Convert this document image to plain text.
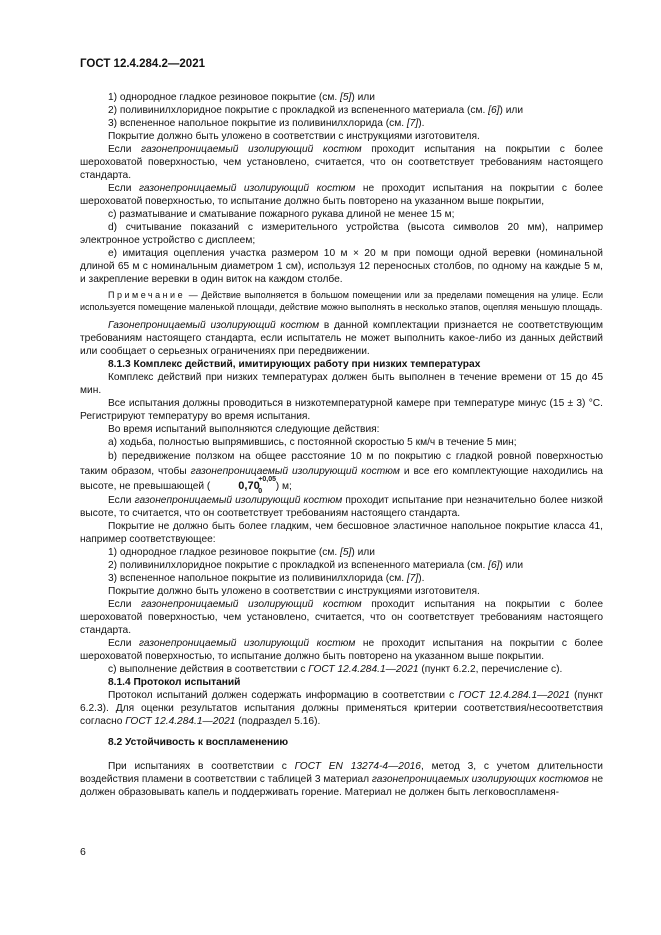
ГОСТ 12.4.284.2—2021

1) однородное гладкое резиновое покрытие (см. [5]) или

2) поливинилхлоридное покрытие с прокладкой из вспененного материала (см. [6]) или

3) вспененное напольное покрытие из поливинилхлорида (см. [7]).

Покрытие должно быть уложено в соответствии с инструкциями изготовителя.

Если газонепроницаемый изолирующий костюм проходит испытания на покрытии с более шероховатой поверхностью, чем установлено, считается, что он соответствует требованиям настоящего стандарта.

Если газонепроницаемый изолирующий костюм не проходит испытания на покрытии с более шероховатой поверхностью, то испытание должно быть повторено на указанном выше покрытии,

c) разматывание и сматывание пожарного рукава длиной не менее 15 м;

d) считывание показаний с измерительного устройства (высота символов 20 мм), например электронное устройство с дисплеем;

e) имитация оцепления участка размером 10 м × 20 м при помощи одной веревки (номинальной длиной 65 м с номинальным диаметром 1 см), используя 12 переносных столбов, по одному на каждые 5 м, и закрепление веревки в один виток на каждом столбе.

Примечание — Действие выполняется в большом помещении или за пределами помещения на улице. Если используется помещение маленькой площади, действие можно выполнять в несколько этапов, оцепляя меньшую площадь.

Газонепроницаемый изолирующий костюм в данной комплектации признается не соответствующим требованиям настоящего стандарта, если испытатель не может выполнить какое-либо из данных действий или сообщает о серьезных ограничениях при передвижении.

8.1.3 Комплекс действий, имитирующих работу при низких температурах

Комплекс действий при низких температурах должен быть выполнен в течение времени от 15 до 45 мин.

Все испытания должны проводиться в низкотемпературной камере при температуре минус (15 ± 3) °С. Регистрируют температуру во время испытания.

Во время испытаний выполняются следующие действия:

a) ходьба, полностью выпрямившись, с постоянной скоростью 5 км/ч в течение 5 мин;

b) передвижение ползком на общее расстояние 10 м по покрытию с гладкой ровной поверхностью таким образом, чтобы газонепроницаемый изолирующий костюм и все его комплектующие находились на высоте, не превышающей (	0,70
+0,05
0 ) м;

Если газонепроницаемый изолирующий костюм проходит испытание при незначительно более низкой высоте, то считается, что он соответствует требованиям настоящего стандарта.

Покрытие не должно быть более гладким, чем бесшовное эластичное напольное покрытие класса 41, например соответствующее:

1) однородное гладкое резиновое покрытие (см. [5]) или

2) поливинилхлоридное покрытие с прокладкой из вспененного материала (см. [6]) или

3) вспененное напольное покрытие из поливинилхлорида (см. [7]).

Покрытие должно быть уложено в соответствии с инструкциями изготовителя.

Если газонепроницаемый изолирующий костюм проходит испытания на покрытии с более шероховатой поверхностью, чем установлено, считается, что он соответствует требованиям настоящего стандарта.

Если газонепроницаемый изолирующий костюм не проходит испытания на покрытии с более шероховатой поверхностью, то испытание должно быть повторено на указанном выше покрытии.

c) выполнение действия в соответствии с ГОСТ 12.4.284.1—2021 (пункт 6.2.2, перечисление c).

8.1.4 Протокол испытаний

Протокол испытаний должен содержать информацию в соответствии с ГОСТ 12.4.284.1—2021 (пункт 6.2.3). Для оценки результатов испытания должны применяться критерии соответствия/несоответствия согласно ГОСТ 12.4.284.1—2021 (подраздел 5.16).

8.2 Устойчивость к воспламенению

При испытаниях в соответствии с ГОСТ EN 13274-4—2016, метод 3, с учетом длительности воздействия пламени в соответствии с таблицей 3 материал газонепроницаемых изолирующих костюмов не должен образовывать капель и поддерживать горение. Материал не должен быть легковоспламеня-

6
